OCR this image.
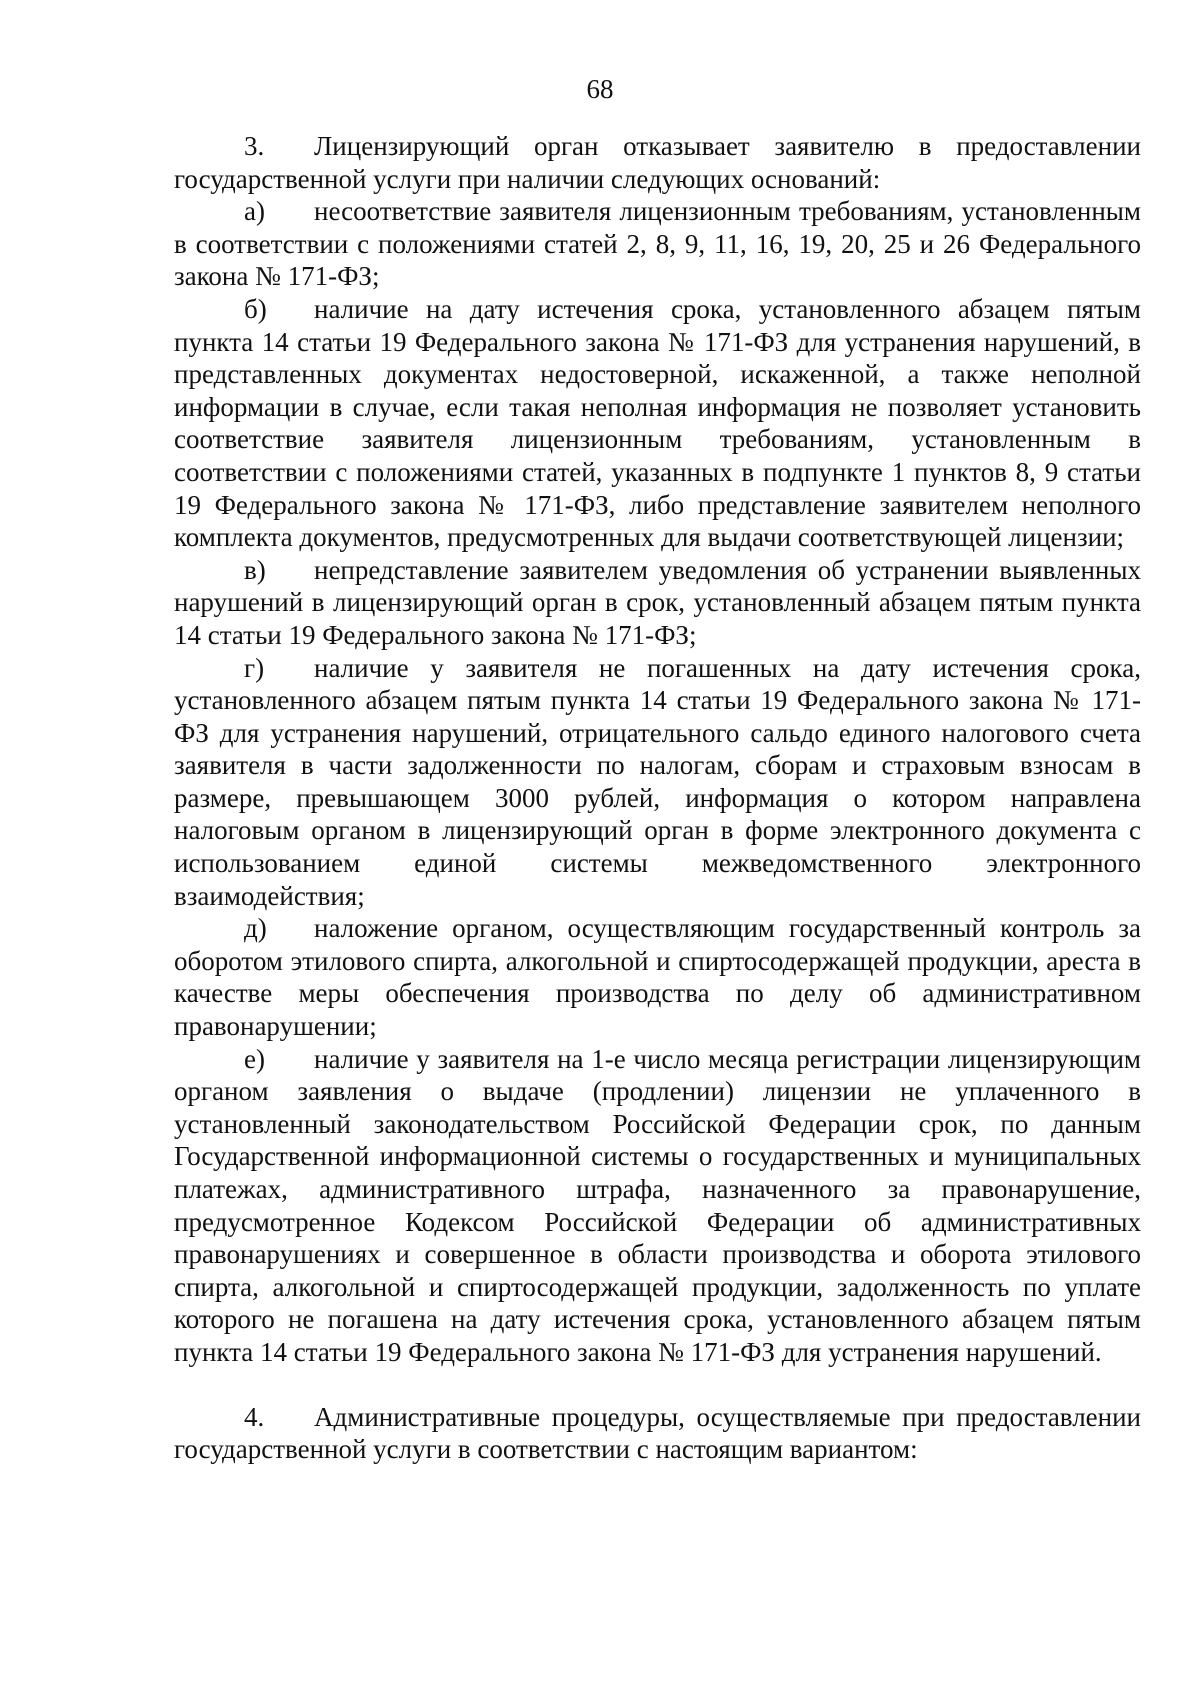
68

3. Лицензирующий орган отказывает заявителю в предоставлении государственной услуги при наличии следующих оснований:

а) несоответствие заявителя лицензионным требованиям, установленным в соответствии с положениями статей 2, 8, 9, 11, 16, 19, 20, 25 и 26 Федерального закона № 171-ФЗ;

б) наличие на дату истечения срока, установленного абзацем пятым пункта 14 статьи 19 Федерального закона № 171-ФЗ для устранения нарушений, в представленных документах недостоверной, искаженной, а также неполной информации в случае, если такая неполная информация не позволяет установить соответствие заявителя лицензионным требованиям, установленным в соответствии с положениями статей, указанных в подпункте 1 пунктов 8, 9 статьи 19 Федерального закона № 171-ФЗ, либо представление заявителем неполного комплекта документов, предусмотренных для выдачи соответствующей лицензии;

в) непредставление заявителем уведомления об устранении выявленных нарушений в лицензирующий орган в срок, установленный абзацем пятым пункта 14 статьи 19 Федерального закона № 171-ФЗ;

г) наличие у заявителя не погашенных на дату истечения срока, установленного абзацем пятым пункта 14 статьи 19 Федерального закона № 171-ФЗ для устранения нарушений, отрицательного сальдо единого налогового счета заявителя в части задолженности по налогам, сборам и страховым взносам в размере, превышающем 3000 рублей, информация о котором направлена налоговым органом в лицензирующий орган в форме электронного документа с использованием единой системы межведомственного электронного взаимодействия;

д) наложение органом, осуществляющим государственный контроль за оборотом этилового спирта, алкогольной и спиртосодержащей продукции, ареста в качестве меры обеспечения производства по делу об административном правонарушении;

е) наличие у заявителя на 1-е число месяца регистрации лицензирующим органом заявления о выдаче (продлении) лицензии не уплаченного в установленный законодательством Российской Федерации срок, по данным Государственной информационной системы о государственных и муниципальных платежах, административного штрафа, назначенного за правонарушение, предусмотренное Кодексом Российской Федерации об административных правонарушениях и совершенное в области производства и оборота этилового спирта, алкогольной и спиртосодержащей продукции, задолженность по уплате которого не погашена на дату истечения срока, установленного абзацем пятым пункта 14 статьи 19 Федерального закона № 171-ФЗ для устранения нарушений.

4. Административные процедуры, осуществляемые при предоставлении государственной услуги в соответствии с настоящим вариантом:
